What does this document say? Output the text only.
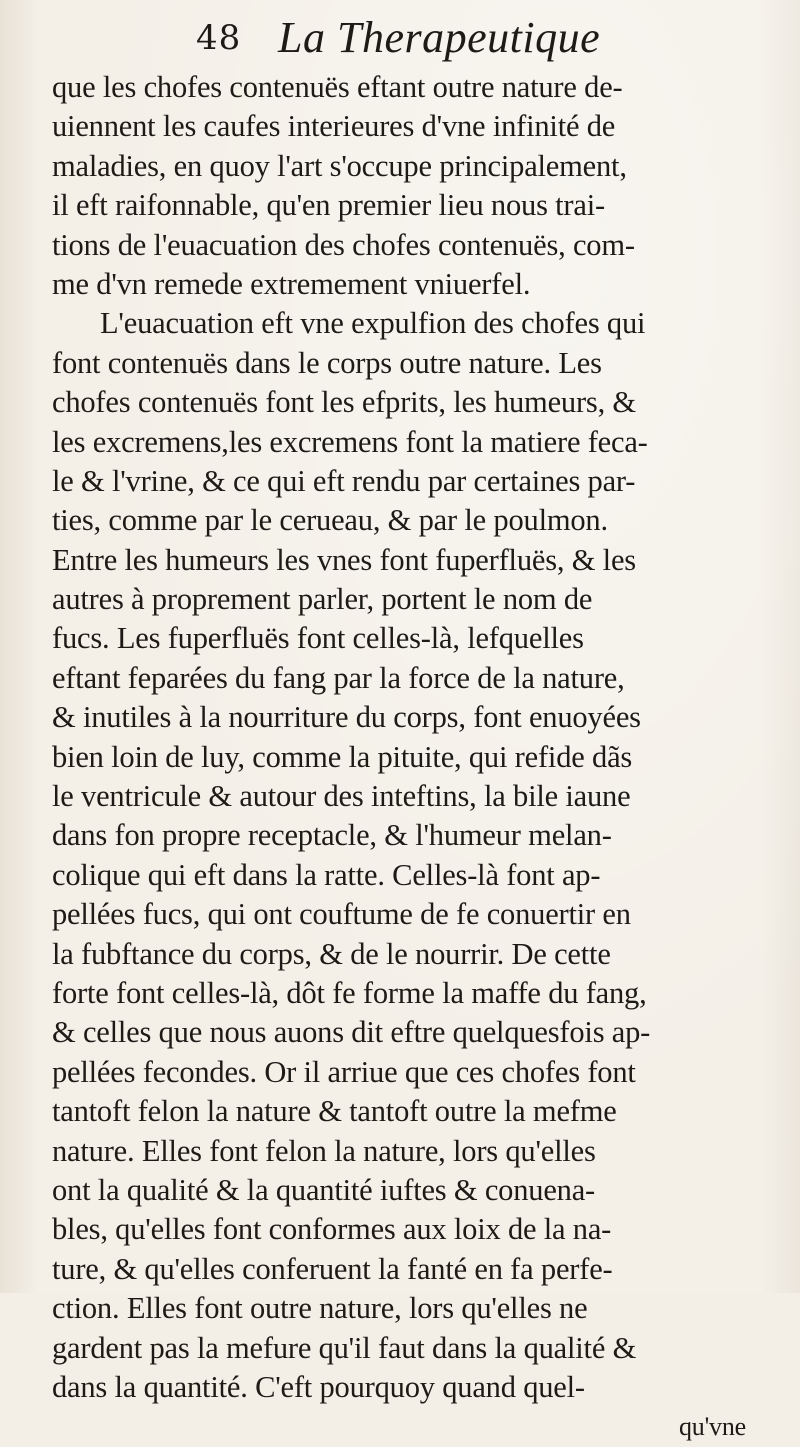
48 La Therapeutique
que les chofes contenuës eftant outre nature de-
uiennent les caufes interieures d'vne infinité de
maladies, en quoy l'art s'occupe principalement,
il eft raifonnable, qu'en premier lieu nous trai-
tions de l'euacuation des chofes contenuës, com-
me d'vn remede extremement vniuerfel.
L'euacuation eft vne expulfion des chofes qui
font contenuës dans le corps outre nature. Les
chofes contenuës font les efprits, les humeurs, &
les excremens,les excremens font la matiere feca-
le & l'vrine, & ce qui eft rendu par certaines par-
ties, comme par le cerueau, & par le poulmon.
Entre les humeurs les vnes font fuperfluës, & les
autres à proprement parler, portent le nom de
fucs. Les fuperfluës font celles-là, lefquelles
eftant feparées du fang par la force de la nature,
& inutiles à la nourriture du corps, font enuoyées
bien loin de luy, comme la pituite, qui refide dãs
le ventricule & autour des inteftins, la bile iaune
dans fon propre receptacle, & l'humeur melan-
colique qui eft dans la ratte. Celles-là font ap-
pellées fucs, qui ont couftume de fe conuertir en
la fubftance du corps, & de le nourrir. De cette
forte font celles-là, dôt fe forme la maffe du fang,
& celles que nous auons dit eftre quelquesfois ap-
pellées fecondes. Or il arriue que ces chofes font
tantoft felon la nature & tantoft outre la mefme
nature. Elles font felon la nature, lors qu'elles
ont la qualité & la quantité iuftes & conuena-
bles, qu'elles font conformes aux loix de la na-
ture, & qu'elles conferuent la fanté en fa perfe-
ction. Elles font outre nature, lors qu'elles ne
gardent pas la mefure qu'il faut dans la qualité &
dans la quantité. C'eft pourquoy quand quel-
qu'vne
